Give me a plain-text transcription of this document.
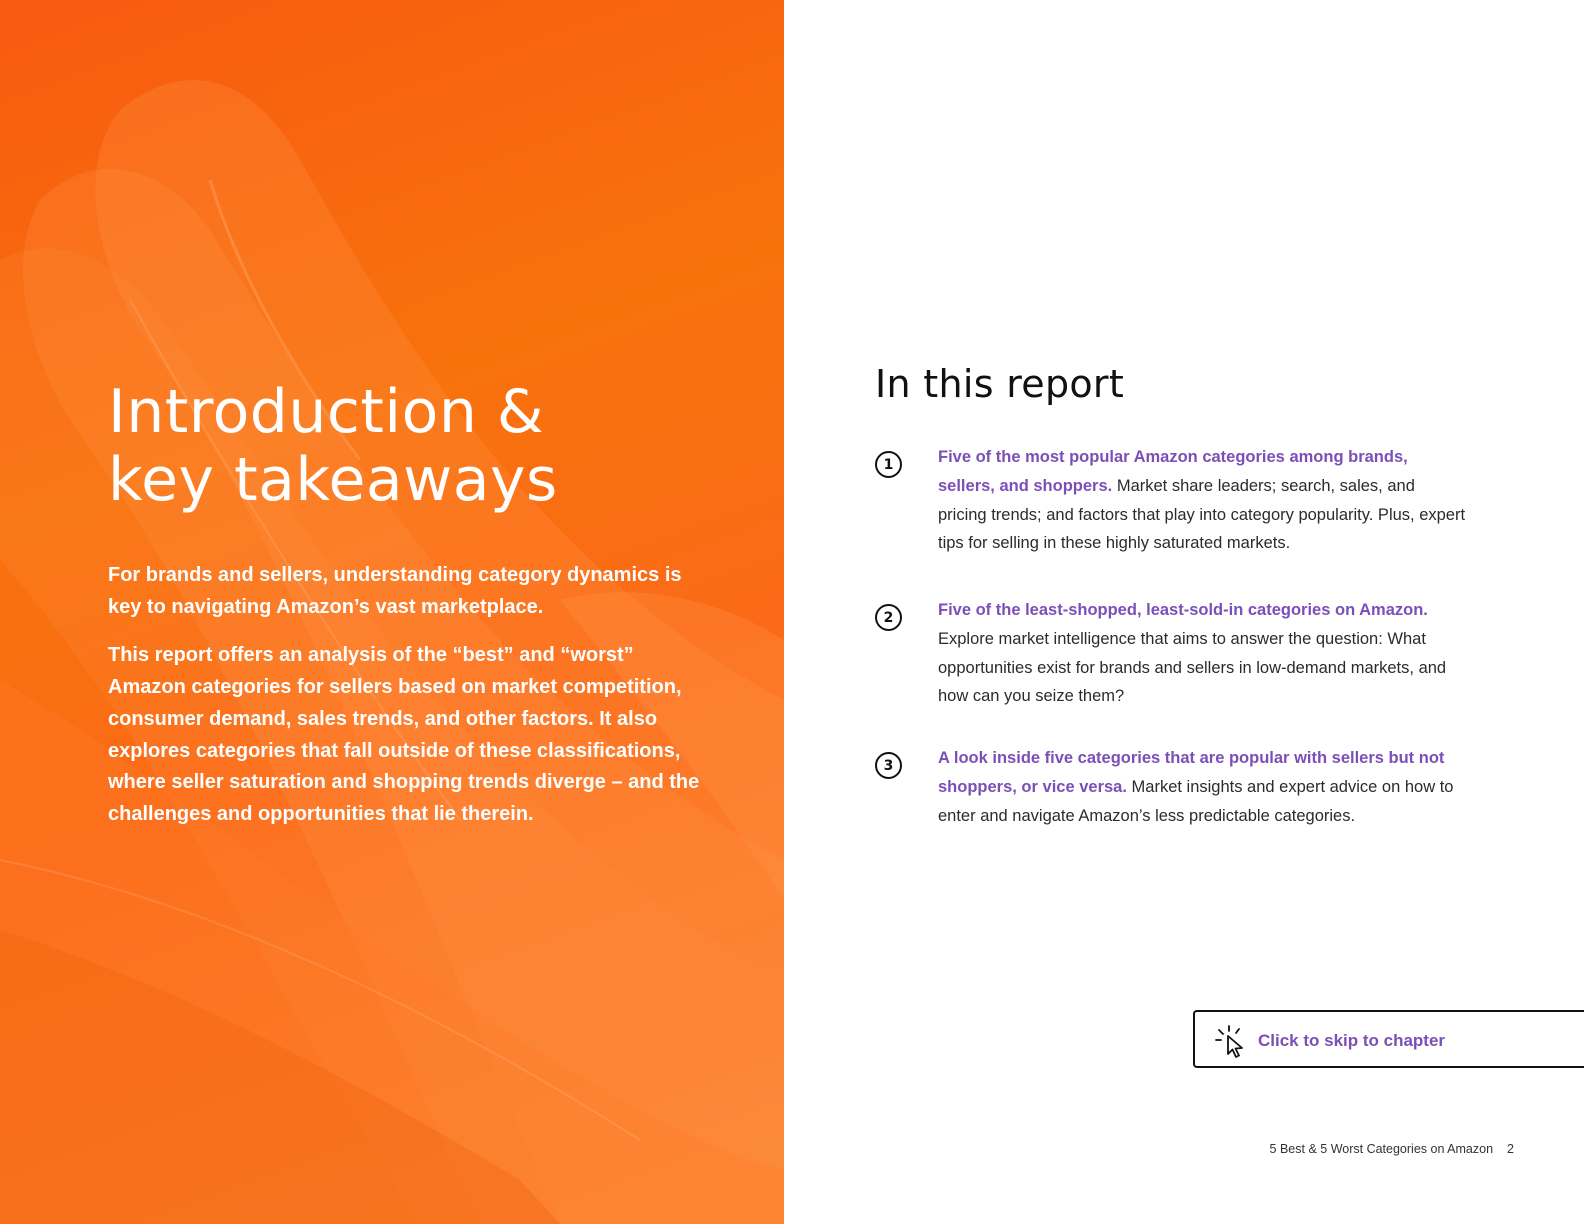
Introduction &
key takeaways

For brands and sellers, understanding category dynamics is key to navigating Amazon’s vast marketplace.

This report offers an analysis of the “best” and “worst” Amazon categories for sellers based on market competition, consumer demand, sales trends, and other factors. It also explores categories that fall outside of these classifications, where seller saturation and shopping trends diverge – and the challenges and opportunities that lie therein.

In this report
1	Five of the most popular Amazon categories among brands, sellers, and shoppers. Market share leaders; search, sales, and pricing trends; and factors that play into category popularity. Plus, expert tips for selling in these highly saturated markets.
2	Five of the least-shopped, least-sold-in categories on Amazon. Explore market intelligence that aims to answer the question: What opportunities exist for brands and sellers in low-demand markets, and how can you seize them?
3	A look inside five categories that are popular with sellers but not shoppers, or vice versa. Market insights and expert advice on how to enter and navigate Amazon’s less predictable categories.
Click to skip to chapter
5 Best & 5 Worst Categories on Amazon 2
